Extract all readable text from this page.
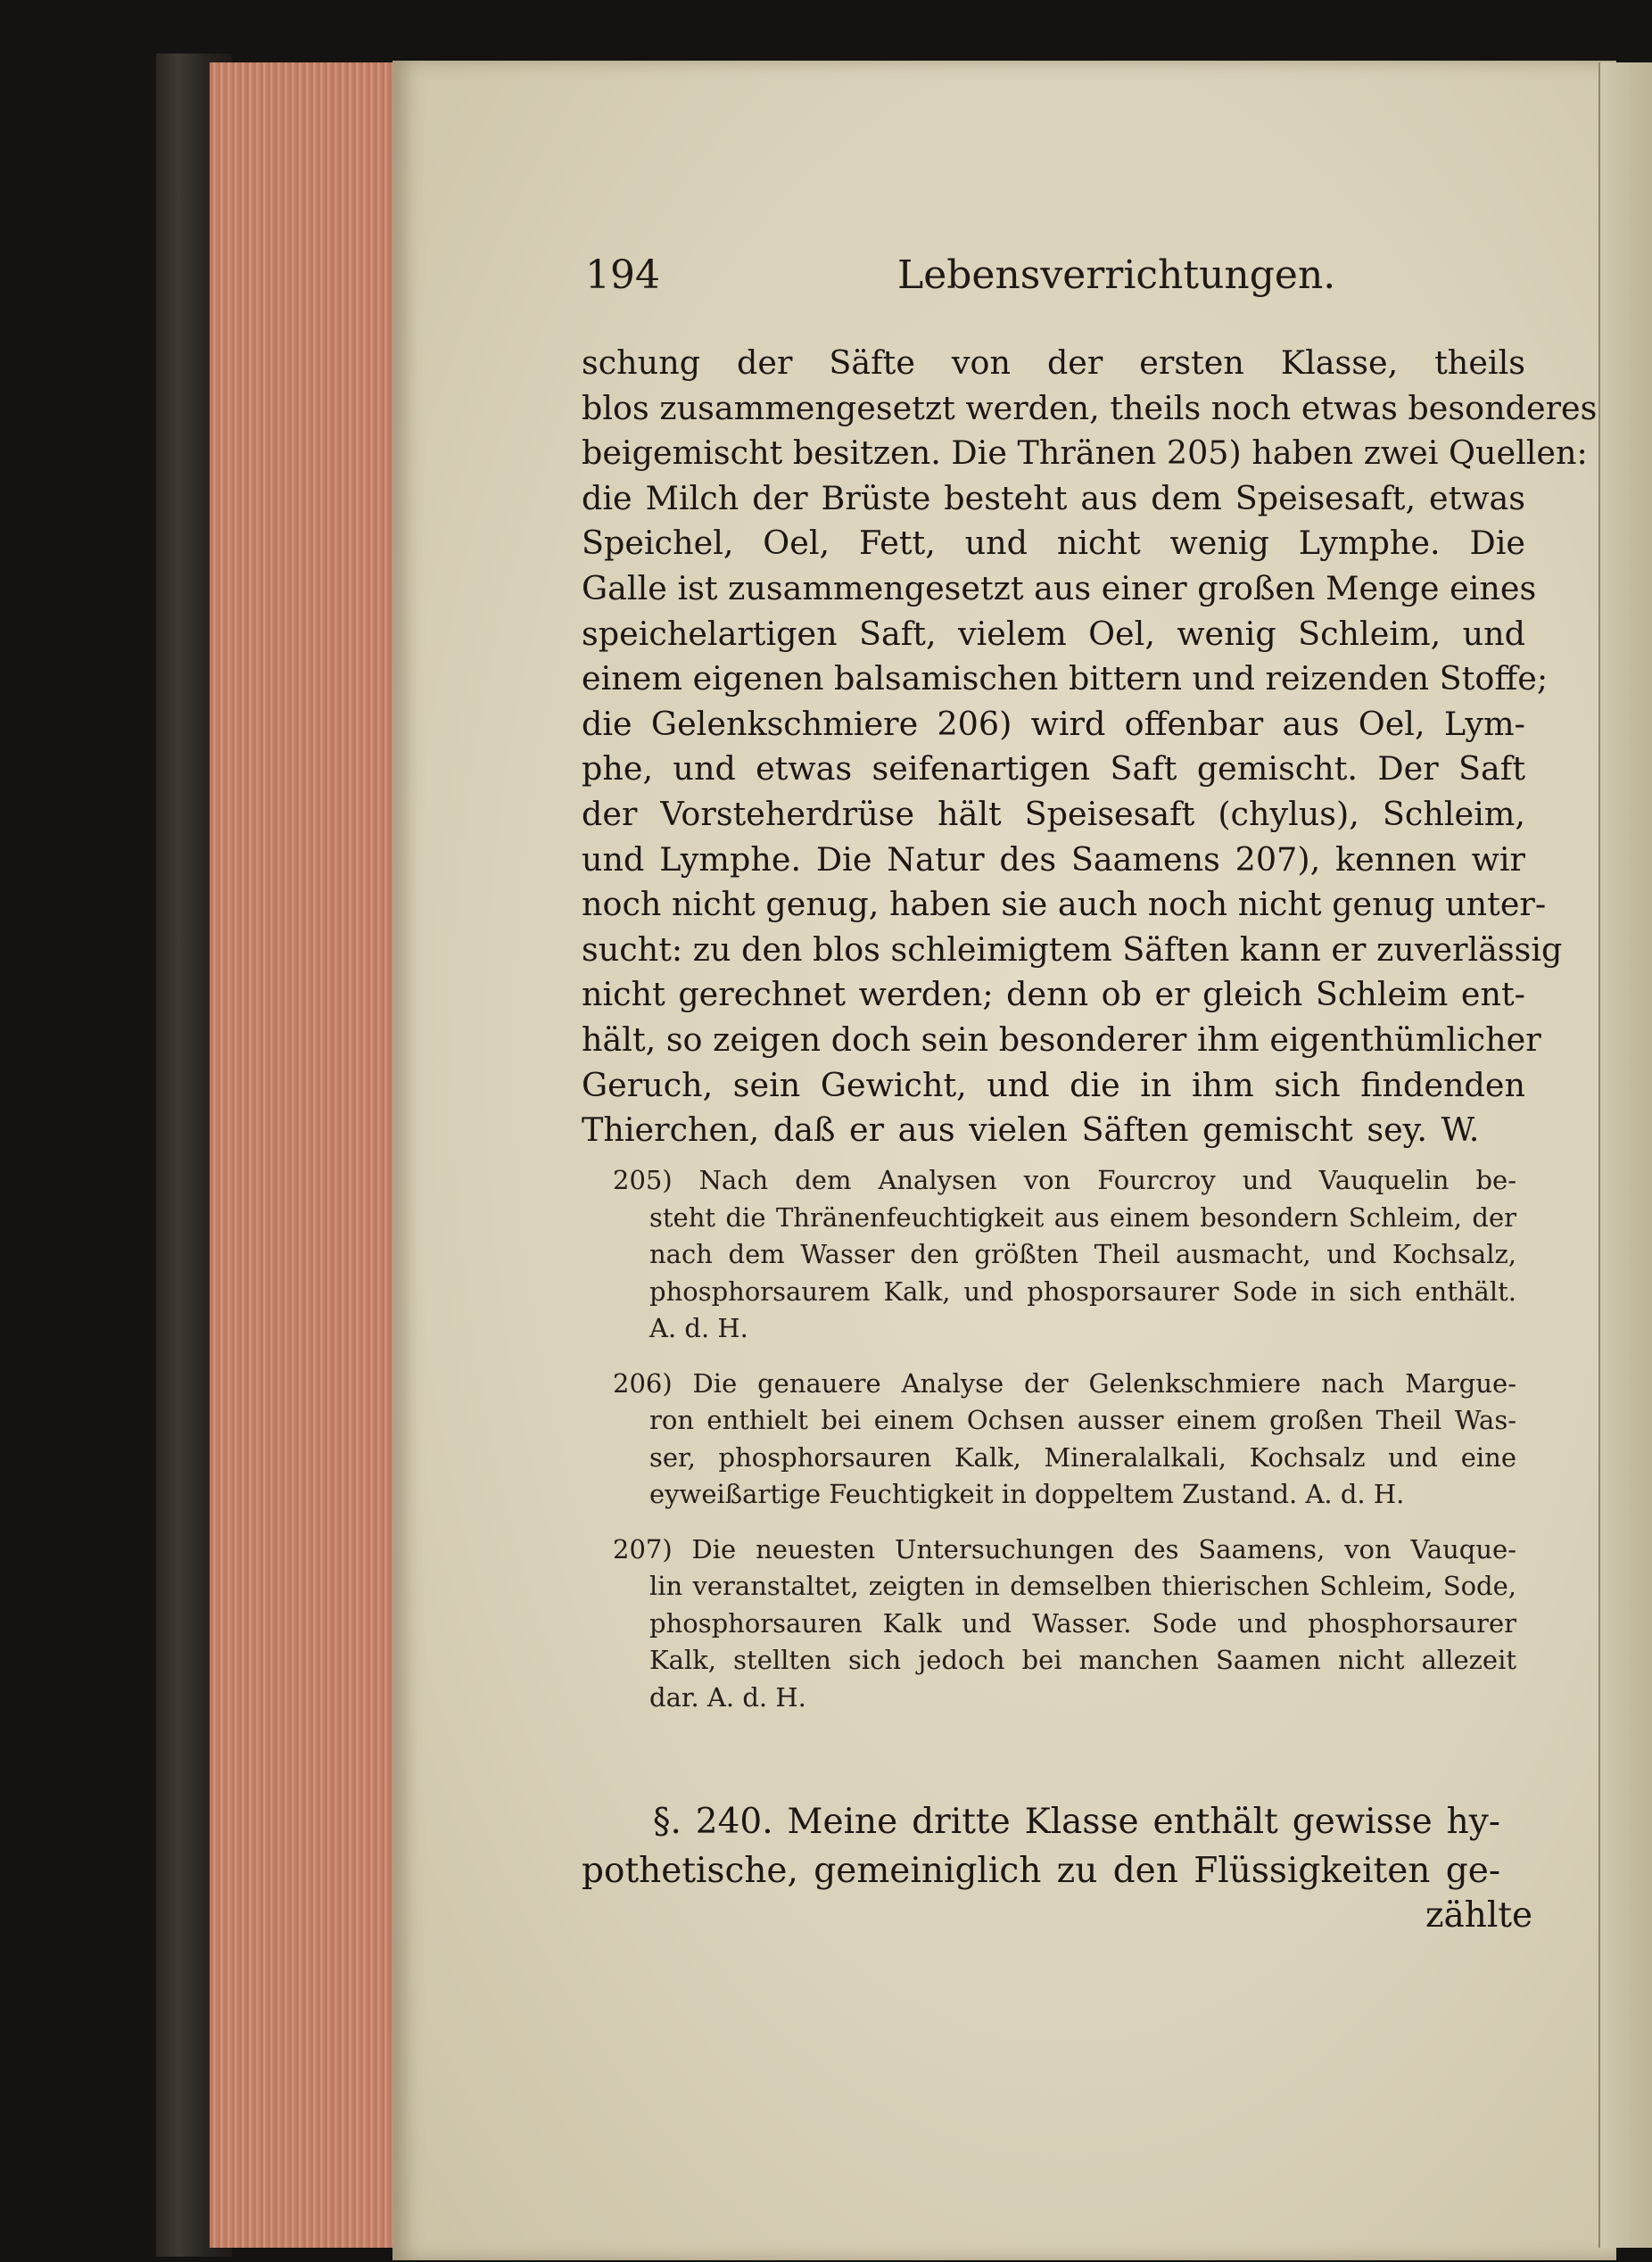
194	Lebensverrichtungen.
schung der Säfte von der ersten Klasse, theils
blos zusammengesetzt werden, theils noch etwas besonderes
beigemischt besitzen. Die Thränen 205) haben zwei Quellen:
die Milch der Brüste besteht aus dem Speisesaft, etwas
Speichel, Oel, Fett, und nicht wenig Lymphe. Die
Galle ist zusammengesetzt aus einer großen Menge eines
speichelartigen Saft, vielem Oel, wenig Schleim, und
einem eigenen balsamischen bittern und reizenden Stoffe;
die Gelenkschmiere 206) wird offenbar aus Oel, Lym-
phe, und etwas seifenartigen Saft gemischt. Der Saft
der Vorsteherdrüse hält Speisesaft (chylus), Schleim,
und Lymphe. Die Natur des Saamens 207), kennen wir
noch nicht genug, haben sie auch noch nicht genug unter-
sucht: zu den blos schleimigtem Säften kann er zuverlässig
nicht gerechnet werden; denn ob er gleich Schleim ent-
hält, so zeigen doch sein besonderer ihm eigenthümlicher
Geruch, sein Gewicht, und die in ihm sich findenden
Thierchen, daß er aus vielen Säften gemischt sey. W.
205) Nach dem Analysen von Fourcroy und Vauquelin be-
steht die Thränenfeuchtigkeit aus einem besondern Schleim, der
nach dem Wasser den größten Theil ausmacht, und Kochsalz,
phosphorsaurem Kalk, und phosporsaurer Sode in sich enthält.
A. d. H.
206) Die genauere Analyse der Gelenkschmiere nach Margue-
ron enthielt bei einem Ochsen ausser einem großen Theil Was-
ser, phosphorsauren Kalk, Mineralalkali, Kochsalz und eine
eyweißartige Feuchtigkeit in doppeltem Zustand. A. d. H.
207) Die neuesten Untersuchungen des Saamens, von Vauque-
lin veranstaltet, zeigten in demselben thierischen Schleim, Sode,
phosphorsauren Kalk und Wasser. Sode und phosphorsaurer
Kalk, stellten sich jedoch bei manchen Saamen nicht allezeit
dar. A. d. H.
§. 240. Meine dritte Klasse enthält gewisse hy-
pothetische, gemeiniglich zu den Flüssigkeiten ge-
zählte
